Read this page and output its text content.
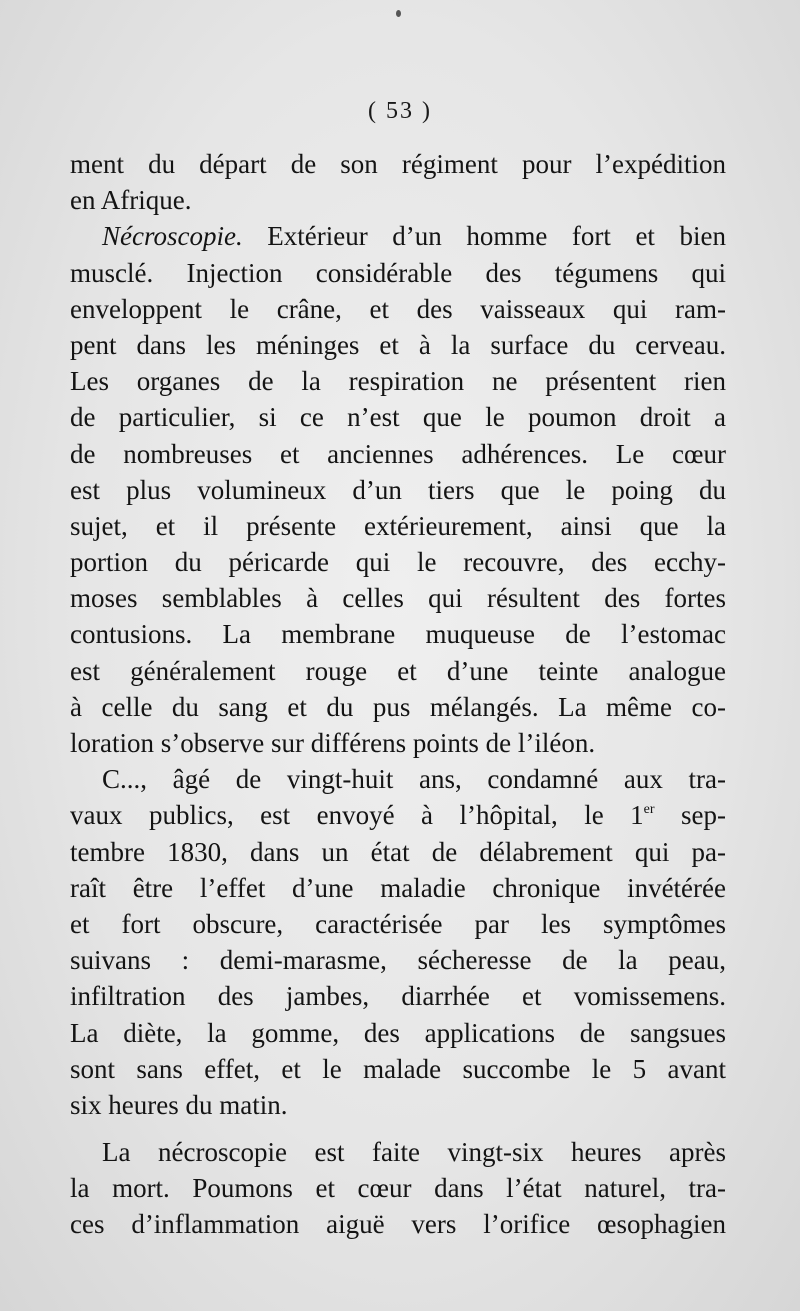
( 53 )
ment du départ de son régiment pour l’expédition
en Afrique.
Nécroscopie. Extérieur d’un homme fort et bien
musclé. Injection considérable des tégumens qui
enveloppent le crâne, et des vaisseaux qui ram-
pent dans les méninges et à la surface du cerveau.
Les organes de la respiration ne présentent rien
de particulier, si ce n’est que le poumon droit a
de nombreuses et anciennes adhérences. Le cœur
est plus volumineux d’un tiers que le poing du
sujet, et il présente extérieurement, ainsi que la
portion du péricarde qui le recouvre, des ecchy-
moses semblables à celles qui résultent des fortes
contusions. La membrane muqueuse de l’estomac
est généralement rouge et d’une teinte analogue
à celle du sang et du pus mélangés. La même co-
loration s’observe sur différens points de l’iléon.
C..., âgé de vingt-huit ans, condamné aux tra-
vaux publics, est envoyé à l’hôpital, le 1er sep-
tembre 1830, dans un état de délabrement qui pa-
raît être l’effet d’une maladie chronique invétérée
et fort obscure, caractérisée par les symptômes
suivans : demi-marasme, sécheresse de la peau,
infiltration des jambes, diarrhée et vomissemens.
La diète, la gomme, des applications de sangsues
sont sans effet, et le malade succombe le 5 avant
six heures du matin.
La nécroscopie est faite vingt-six heures après
la mort. Poumons et cœur dans l’état naturel, tra-
ces d’inflammation aiguë vers l’orifice œsophagien
